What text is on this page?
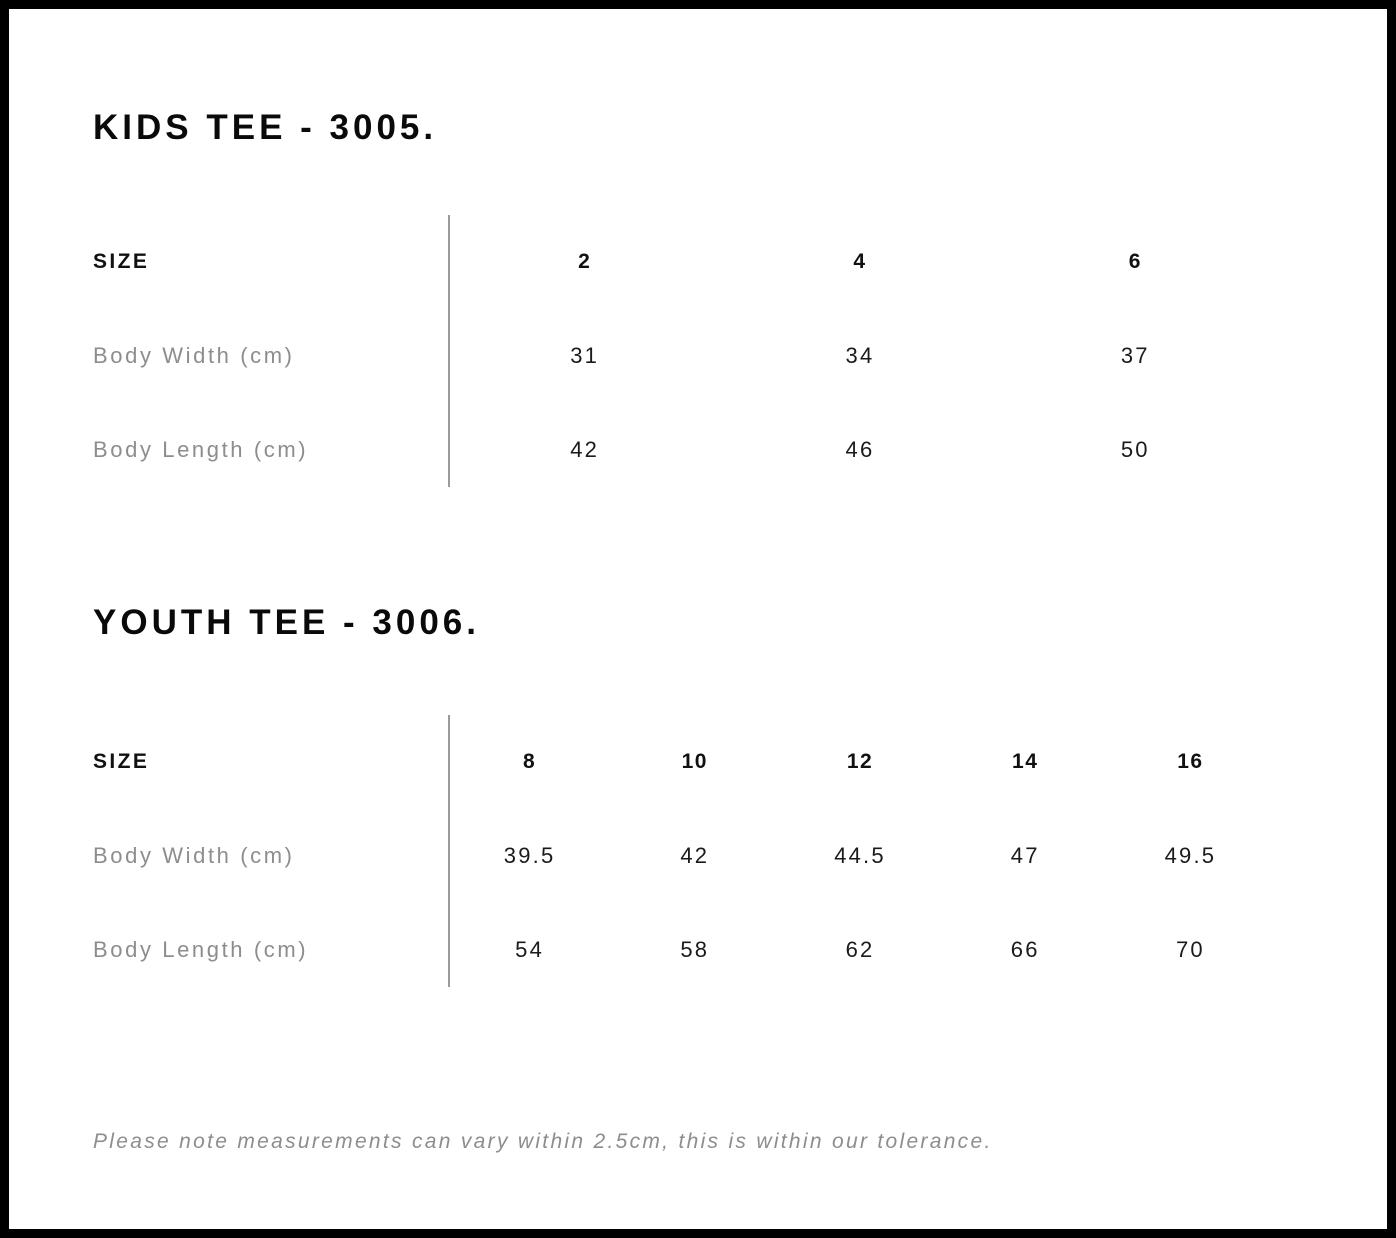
KIDS TEE - 3005.
SIZE	2	4	6
Body Width (cm)	31	34	37
Body Length (cm)	42	46	50
YOUTH TEE - 3006.
SIZE	8	10	12	14	16
Body Width (cm)	39.5	42	44.5	47	49.5
Body Length (cm)	54	58	62	66	70
Please note measurements can vary within 2.5cm, this is within our tolerance.
